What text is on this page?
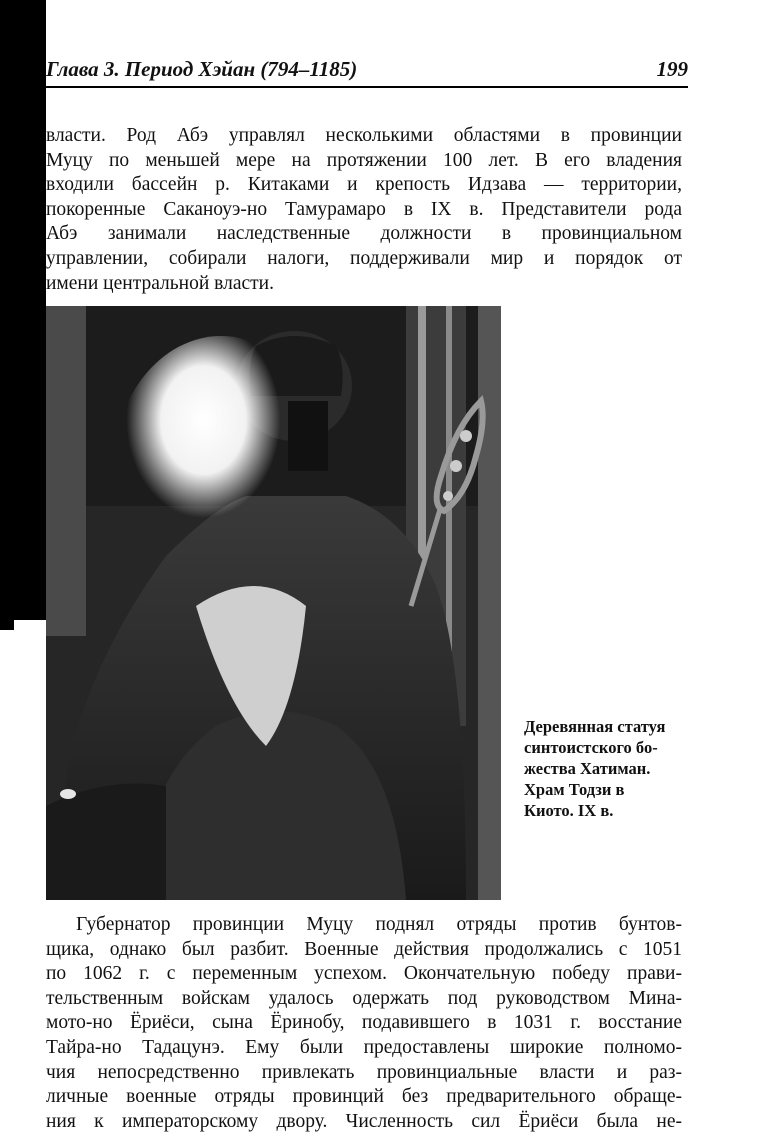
Глава 3. Период Хэйан (794–1185)	199

власти. Род Абэ управлял несколькими областями в провинции
Муцу по меньшей мере на протяжении 100 лет. В его владения
входили бассейн р. Китаками и крепость Идзава — территории,
покоренные Саканоуэ-но Тамурамаро в IX в. Представители рода
Абэ занимали наследственные должности в провинциальном
управлении, собирали налоги, поддерживали мир и порядок от
имени центральной власти.

Деревянная статуя
синтоистского бо-
жества Хатиман.
Храм Тодзи в
Киото. IX в.

Губернатор провинции Муцу поднял отряды против бунтов-
щика, однако был разбит. Военные действия продолжались с 1051
по 1062 г. с переменным успехом. Окончательную победу прави-
тельственным войскам удалось одержать под руководством Мина-
мото-но Ёриёси, сына Ёринобу, подавившего в 1031 г. восстание
Тайра-но Тадацунэ. Ему были предоставлены широкие полномо-
чия непосредственно привлекать провинциальные власти и раз-
личные военные отряды провинций без предварительного обраще-
ния к императорскому двору. Численность сил Ёриёси была не-
